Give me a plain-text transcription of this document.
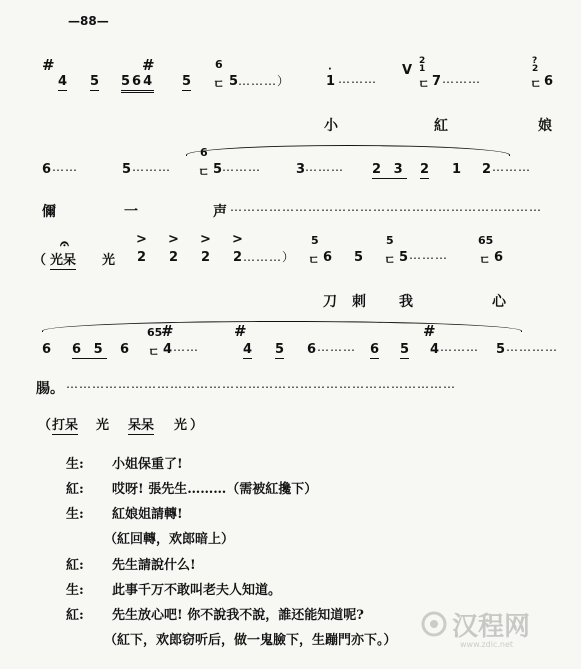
—88—
#
4 5
#
564 5
6
ㄷ 5 ………）	1
·
………
V
2
1
ㄷ 7 ………
?
2
ㄷ 6
小	紅	娘
6 ……	5 ………
6
ㄷ 5 ………	3 ……… 2 3 2 1 2 ………
儞	一	声 ………………………………………………………………
𝄐
（ 光呆 光
> > > >
2 2 2 2 ………）
5
ㄷ 6 5
5
ㄷ 5 ………
65
ㄷ 6
刀 刺 我	心
6 6 5 6
65
#
ㄷ 4 ……
#
4 5 6 ……… 6 5
#
4 ……… 5 …………
腸。 ………………………………………………………………………………
（ 打呆 光 呆呆 光 ）
生: 小姐保重了!
紅: 哎呀! 張先生………（需被紅攙下）
生: 紅娘姐請轉!
（紅回轉，欢郎暗上）
紅: 先生請說什么!
生: 此事千万不敢叫老夫人知道。
紅: 先生放心吧! 你不說我不說，誰还能知道呢?
（紅下，欢郎窃听后，做一鬼臉下，生蹦門亦下。） 汉程网
www.zdic.net
